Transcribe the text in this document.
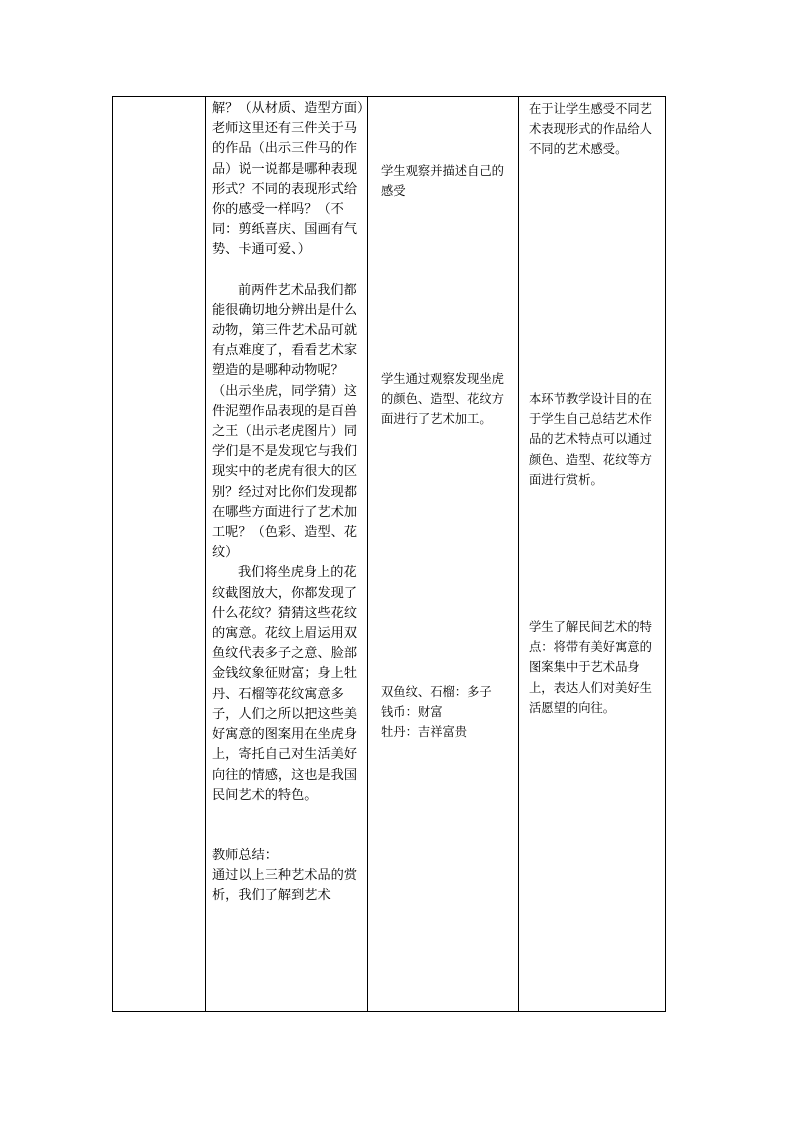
解？（从材质、造型方面）

老师这里还有三件关于马的作品（出示三件马的作品）说一说都是哪种表现形式？不同的表现形式给你的感受一样吗？（不同：剪纸喜庆、国画有气势、卡通可爱、）

前两件艺术品我们都能很确切地分辨出是什么动物，第三件艺术品可就有点难度了，看看艺术家塑造的是哪种动物呢？（出示坐虎，同学猜）这件泥塑作品表现的是百兽之王（出示老虎图片）同学们是不是发现它与我们现实中的老虎有很大的区别？经过对比你们发现都在哪些方面进行了艺术加工呢？（色彩、造型、花纹）

我们将坐虎身上的花纹截图放大，你都发现了什么花纹？猜猜这些花纹的寓意。花纹上眉运用双鱼纹代表多子之意、脸部金钱纹象征财富；身上牡丹、石榴等花纹寓意多子，人们之所以把这些美好寓意的图案用在坐虎身上，寄托自己对生活美好向往的情感，这也是我国民间艺术的特色。

教师总结：

通过以上三种艺术品的赏析，我们了解到艺术

学生观察并描述自己的感受

学生通过观察发现坐虎的颜色、造型、花纹方面进行了艺术加工。

双鱼纹、石榴：多子

钱币：财富

牡丹：吉祥富贵

在于让学生感受不同艺术表现形式的作品给人不同的艺术感受。

本环节教学设计目的在于学生自己总结艺术作品的艺术特点可以通过颜色、造型、花纹等方面进行赏析。

学生了解民间艺术的特点：将带有美好寓意的图案集中于艺术品身上，表达人们对美好生活愿望的向往。
